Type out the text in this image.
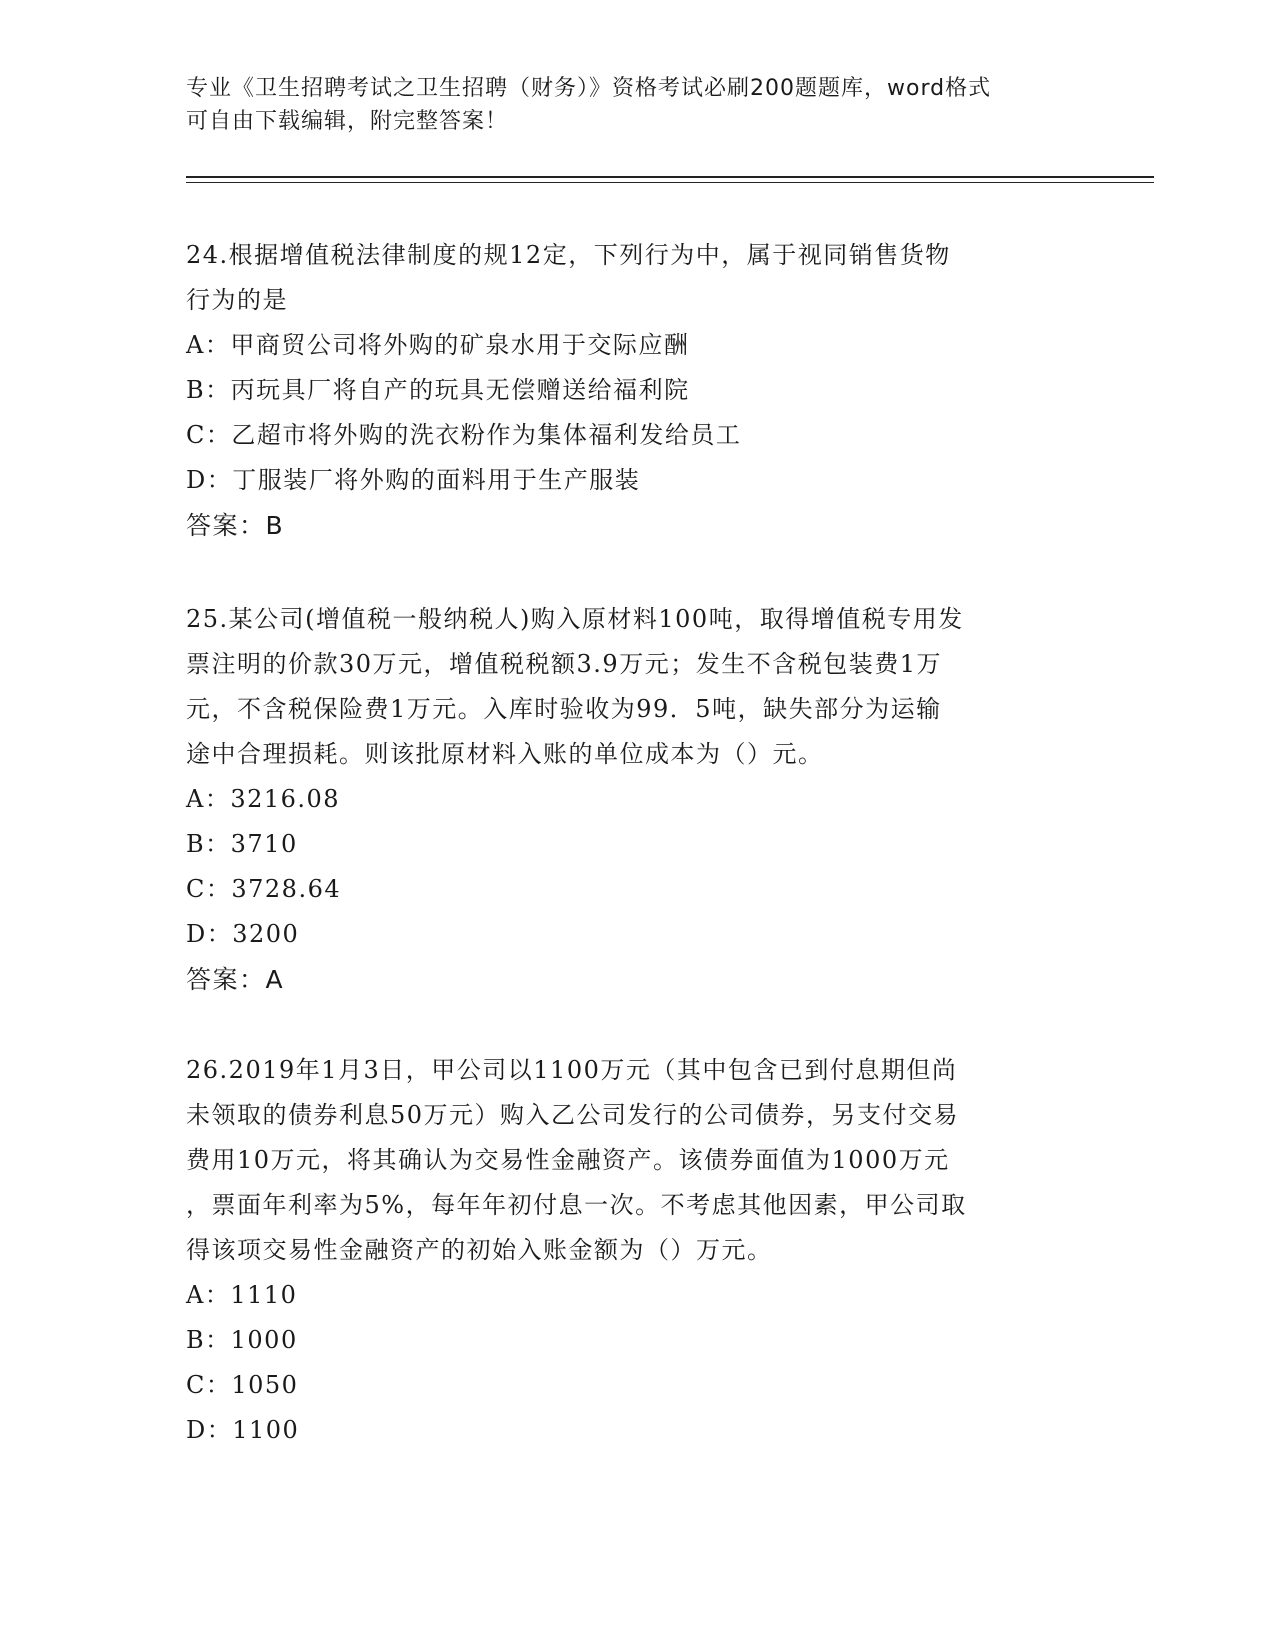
专业《卫生招聘考试之卫生招聘（财务）》资格考试必刷200题题库，word格式
可自由下载编辑，附完整答案！
24.根据增值税法律制度的规12定，下列行为中，属于视同销售货物
行为的是
A：甲商贸公司将外购的矿泉水用于交际应酬
B：丙玩具厂将自产的玩具无偿赠送给福利院
C：乙超市将外购的洗衣粉作为集体福利发给员工
D：丁服装厂将外购的面料用于生产服装
答案：B
25.某公司(增值税一般纳税人)购入原材料100吨，取得增值税专用发
票注明的价款30万元，增值税税额3.9万元；发生不含税包装费1万
元，不含税保险费1万元。入库时验收为99．5吨，缺失部分为运输
途中合理损耗。则该批原材料入账的单位成本为（）元。
A：3216.08
B：3710
C：3728.64
D：3200
答案：A
26.2019年1月3日，甲公司以1100万元（其中包含已到付息期但尚
未领取的债券利息50万元）购入乙公司发行的公司债券，另支付交易
费用10万元，将其确认为交易性金融资产。该债券面值为1000万元
，票面年利率为5%，每年年初付息一次。不考虑其他因素，甲公司取
得该项交易性金融资产的初始入账金额为（）万元。
A：1110
B：1000
C：1050
D：1100
